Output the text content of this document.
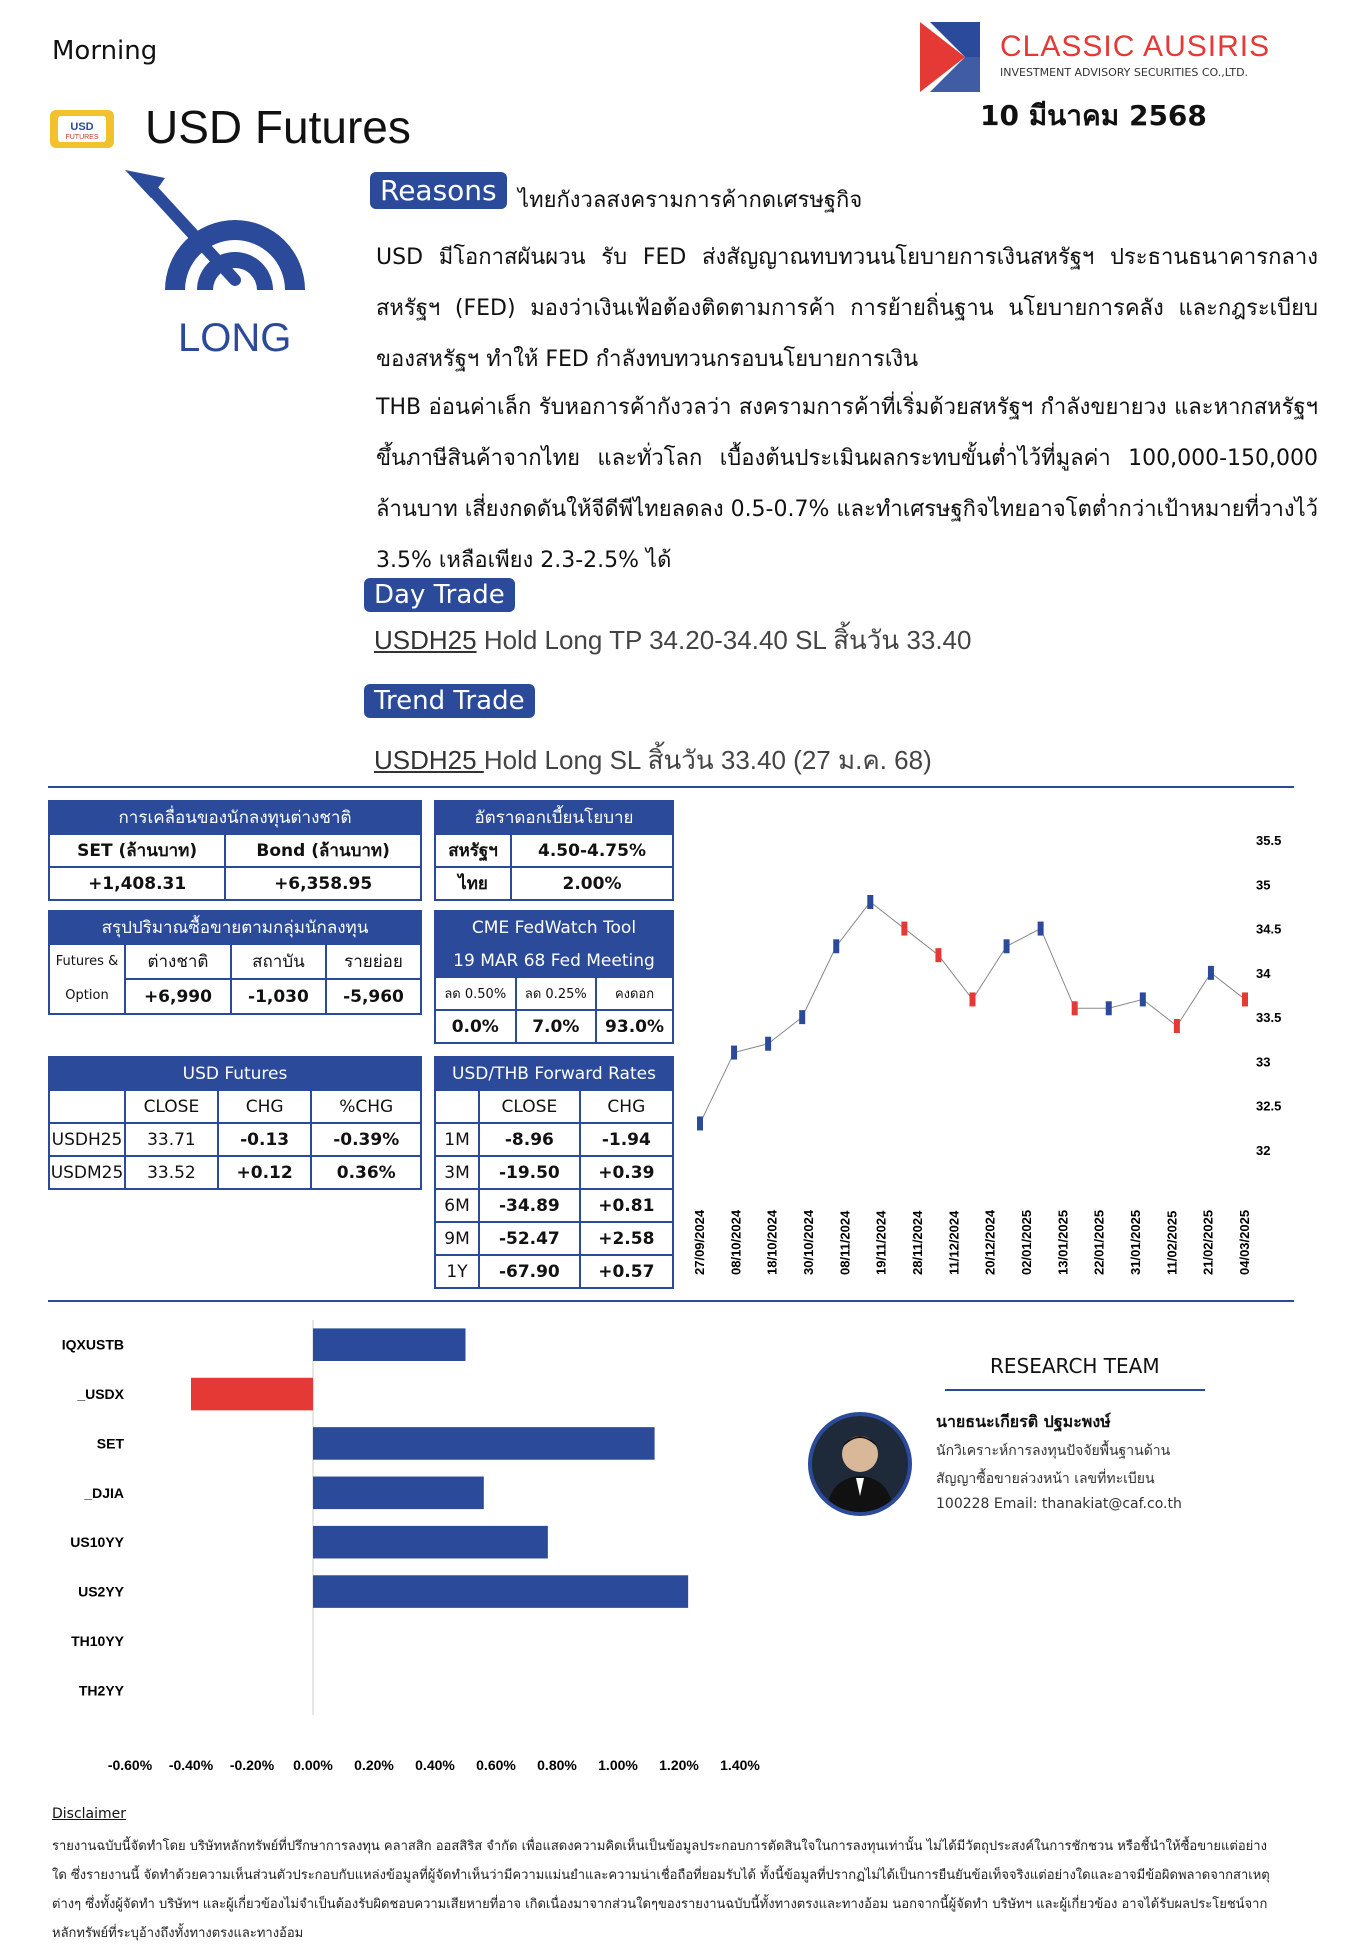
Morning
USD
FUTURES USD Futures
CLASSIC AUSIRIS
INVESTMENT ADVISORY SECURITIES CO.,LTD.
10 มีนาคม 2568
LONG
Reasons ไทยกังวลสงครามการค้ากดเศรษฐกิจ
USD มีโอกาสผันผวน รับ FED ส่งสัญญาณทบทวนนโยบายการเงินสหรัฐฯ ประธานธนาคารกลางสหรัฐฯ (FED) มองว่าเงินเฟ้อต้องติดตามการค้า การย้ายถิ่นฐาน นโยบายการคลัง และกฎระเบียบของสหรัฐฯ ทำให้ FED กำลังทบทวนกรอบนโยบายการเงิน
THB อ่อนค่าเล็ก รับหอการค้ากังวลว่า สงครามการค้าที่เริ่มด้วยสหรัฐฯ กำลังขยายวง และหากสหรัฐฯ ขึ้นภาษีสินค้าจากไทย และทั่วโลก เบื้องต้นประเมินผลกระทบขั้นต่ำไว้ที่มูลค่า 100,000-150,000 ล้านบาท เสี่ยงกดดันให้จีดีพีไทยลดลง 0.5-0.7% และทำเศรษฐกิจไทยอาจโตต่ำกว่าเป้าหมายที่วางไว้ 3.5% เหลือเพียง 2.3-2.5% ได้
Day Trade
USDH25 Hold Long TP 34.20-34.40 SL สิ้นวัน 33.40
Trend Trade
USDH25 Hold Long SL สิ้นวัน 33.40 (27 ม.ค. 68)
การเคลื่อนของนักลงทุนต่างชาติ	
SET (ล้านบาท)	Bond (ล้านบาท)
+1,408.31	+6,358.95
อัตราดอกเบี้ยนโยบาย	
สหรัฐฯ	4.50-4.75%
ไทย	2.00%
สรุปปริมาณซื้อขายตามกลุ่มนักลงทุน			
Futures &
Option	ต่างชาติ	สถาบัน	รายย่อย
	+6,990	-1,030	-5,960
CME FedWatch Tool		
19 MAR 68 Fed Meeting		
ลด 0.50%	ลด 0.25%	คงดอก
0.0%	7.0%	93.0%
USD Futures			
	CLOSE	CHG	%CHG
USDH25	33.71	-0.13	-0.39%
USDM25	33.52	+0.12	0.36%
USD/THB Forward Rates		
	CLOSE	CHG
1M	-8.96	-1.94
3M	-19.50	+0.39
6M	-34.89	+0.81
9M	-52.47	+2.58
1Y	-67.90	+0.57
35.5
35
34.5
34
33.5
33
32.5
32
27/09/2024 08/10/2024 18/10/2024 30/10/2024 08/11/2024 19/11/2024 28/11/2024 11/12/2024 20/12/2024 02/01/2025 13/01/2025 22/01/2025 31/01/2025 11/02/2025 21/02/2025 04/03/2025
IQXUSTB
_USDX
SET
_DJIA
US10YY
US2YY
TH10YY
TH2YY
-0.60% -0.40% -0.20% 0.00% 0.20% 0.40% 0.60% 0.80% 1.00% 1.20% 1.40%
RESEARCH TEAM
นายธนะเกียรติ ปฐมะพงษ์
นักวิเคราะห์การลงทุนปัจจัยพื้นฐานด้าน
สัญญาซื้อขายล่วงหน้า เลขที่ทะเบียน
100228 Email: thanakiat@caf.co.th
Disclaimer
รายงานฉบับนี้จัดทำโดย บริษัทหลักทรัพย์ที่ปรึกษาการลงทุน คลาสสิก ออสสิริส จำกัด เพื่อแสดงความคิดเห็นเป็นข้อมูลประกอบการตัดสินใจในการลงทุนเท่านั้น ไม่ได้มีวัตถุประสงค์ในการชักชวน หรือชี้นำให้ซื้อขายแต่อย่างใด ซึ่งรายงานนี้ จัดทำด้วยความเห็นส่วนตัวประกอบกับแหล่งข้อมูลที่ผู้จัดทำเห็นว่ามีความแม่นยำและความน่าเชื่อถือที่ยอมรับได้ ทั้งนี้ข้อมูลที่ปรากฏไม่ได้เป็นการยืนยันข้อเท็จจริงแต่อย่างใดและอาจมีข้อผิดพลาดจากสาเหตุต่างๆ ซึ่งทั้งผู้จัดทำ บริษัทฯ และผู้เกี่ยวข้องไม่จำเป็นต้องรับผิดชอบความเสียหายที่อาจ เกิดเนื่องมาจากส่วนใดๆของรายงานฉบับนี้ทั้งทางตรงและทางอ้อม นอกจากนี้ผู้จัดทำ บริษัทฯ และผู้เกี่ยวข้อง อาจได้รับผลประโยชน์จากหลักทรัพย์ที่ระบุอ้างถึงทั้งทางตรงและทางอ้อม
